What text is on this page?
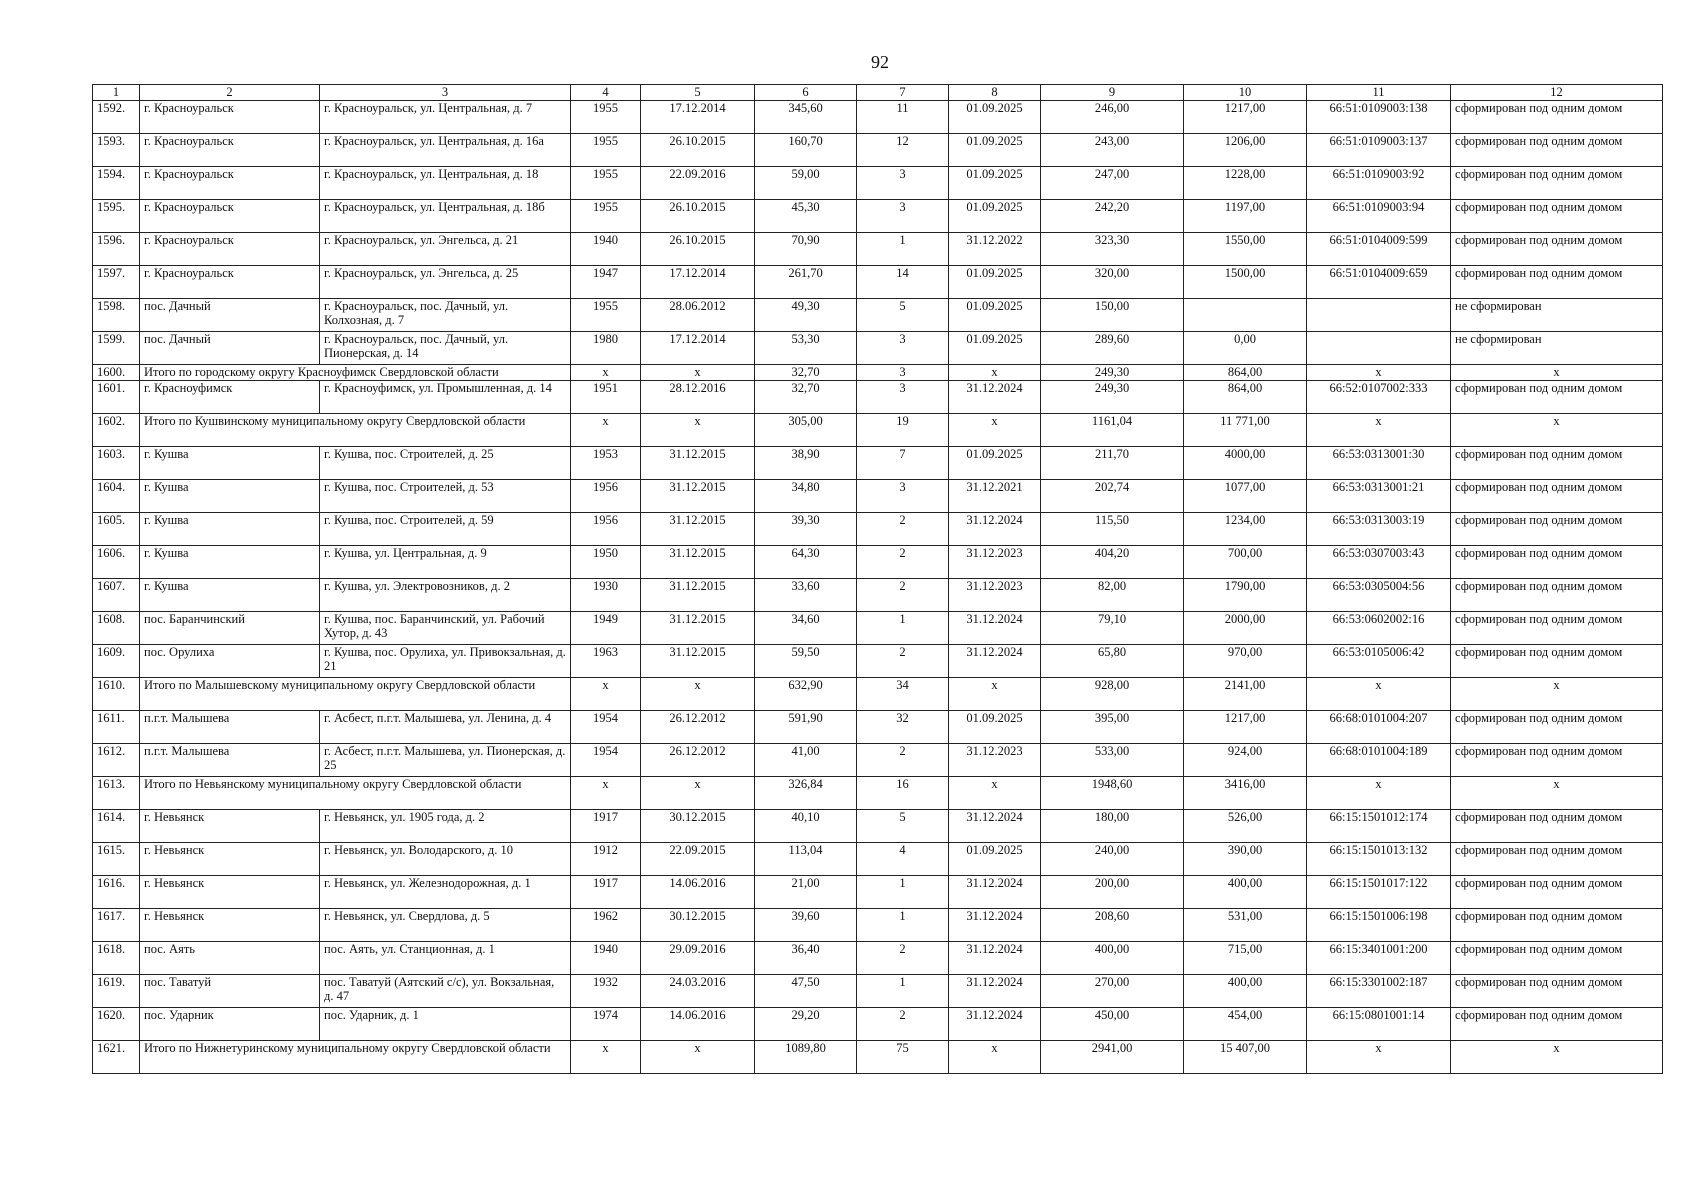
92
1	2	3	4	5	6	7	8	9	10	11	12
1592.	г. Красноуральск	г. Красноуральск, ул. Центральная, д. 7	1955	17.12.2014	345,60	11	01.09.2025	246,00	1217,00	66:51:0109003:138	сформирован под одним домом
1593.	г. Красноуральск	г. Красноуральск, ул. Центральная, д. 16а	1955	26.10.2015	160,70	12	01.09.2025	243,00	1206,00	66:51:0109003:137	сформирован под одним домом
1594.	г. Красноуральск	г. Красноуральск, ул. Центральная, д. 18	1955	22.09.2016	59,00	3	01.09.2025	247,00	1228,00	66:51:0109003:92	сформирован под одним домом
1595.	г. Красноуральск	г. Красноуральск, ул. Центральная, д. 18б	1955	26.10.2015	45,30	3	01.09.2025	242,20	1197,00	66:51:0109003:94	сформирован под одним домом
1596.	г. Красноуральск	г. Красноуральск, ул. Энгельса, д. 21	1940	26.10.2015	70,90	1	31.12.2022	323,30	1550,00	66:51:0104009:599	сформирован под одним домом
1597.	г. Красноуральск	г. Красноуральск, ул. Энгельса, д. 25	1947	17.12.2014	261,70	14	01.09.2025	320,00	1500,00	66:51:0104009:659	сформирован под одним домом
1598.	пос. Дачный	г. Красноуральск, пос. Дачный, ул. Колхозная, д. 7	1955	28.06.2012	49,30	5	01.09.2025	150,00			не сформирован
1599.	пос. Дачный	г. Красноуральск, пос. Дачный, ул. Пионерская, д. 14	1980	17.12.2014	53,30	3	01.09.2025	289,60	0,00		не сформирован
1600.	Итого по городскому округу Красноуфимск Свердловской области		x	x	32,70	3	x	249,30	864,00	x	x
1601.	г. Красноуфимск	г. Красноуфимск, ул. Промышленная, д. 14	1951	28.12.2016	32,70	3	31.12.2024	249,30	864,00	66:52:0107002:333	сформирован под одним домом
1602.	Итого по Кушвинскому муниципальному округу Свердловской области		x	x	305,00	19	x	1161,04	11 771,00	x	x
1603.	г. Кушва	г. Кушва, пос. Строителей, д. 25	1953	31.12.2015	38,90	7	01.09.2025	211,70	4000,00	66:53:0313001:30	сформирован под одним домом
1604.	г. Кушва	г. Кушва, пос. Строителей, д. 53	1956	31.12.2015	34,80	3	31.12.2021	202,74	1077,00	66:53:0313001:21	сформирован под одним домом
1605.	г. Кушва	г. Кушва, пос. Строителей, д. 59	1956	31.12.2015	39,30	2	31.12.2024	115,50	1234,00	66:53:0313003:19	сформирован под одним домом
1606.	г. Кушва	г. Кушва, ул. Центральная, д. 9	1950	31.12.2015	64,30	2	31.12.2023	404,20	700,00	66:53:0307003:43	сформирован под одним домом
1607.	г. Кушва	г. Кушва, ул. Электровозников, д. 2	1930	31.12.2015	33,60	2	31.12.2023	82,00	1790,00	66:53:0305004:56	сформирован под одним домом
1608.	пос. Баранчинский	г. Кушва, пос. Баранчинский, ул. Рабочий Хутор, д. 43	1949	31.12.2015	34,60	1	31.12.2024	79,10	2000,00	66:53:0602002:16	сформирован под одним домом
1609.	пос. Орулиха	г. Кушва, пос. Орулиха, ул. Привокзальная, д. 21	1963	31.12.2015	59,50	2	31.12.2024	65,80	970,00	66:53:0105006:42	сформирован под одним домом
1610.	Итого по Малышевскому муниципальному округу Свердловской области		x	x	632,90	34	x	928,00	2141,00	x	x
1611.	п.г.т. Малышева	г. Асбест, п.г.т. Малышева, ул. Ленина, д. 4	1954	26.12.2012	591,90	32	01.09.2025	395,00	1217,00	66:68:0101004:207	сформирован под одним домом
1612.	п.г.т. Малышева	г. Асбест, п.г.т. Малышева, ул. Пионерская, д. 25	1954	26.12.2012	41,00	2	31.12.2023	533,00	924,00	66:68:0101004:189	сформирован под одним домом
1613.	Итого по Невьянскому муниципальному округу Свердловской области		x	x	326,84	16	x	1948,60	3416,00	x	x
1614.	г. Невьянск	г. Невьянск, ул. 1905 года, д. 2	1917	30.12.2015	40,10	5	31.12.2024	180,00	526,00	66:15:1501012:174	сформирован под одним домом
1615.	г. Невьянск	г. Невьянск, ул. Володарского, д. 10	1912	22.09.2015	113,04	4	01.09.2025	240,00	390,00	66:15:1501013:132	сформирован под одним домом
1616.	г. Невьянск	г. Невьянск, ул. Железнодорожная, д. 1	1917	14.06.2016	21,00	1	31.12.2024	200,00	400,00	66:15:1501017:122	сформирован под одним домом
1617.	г. Невьянск	г. Невьянск, ул. Свердлова, д. 5	1962	30.12.2015	39,60	1	31.12.2024	208,60	531,00	66:15:1501006:198	сформирован под одним домом
1618.	пос. Аять	пос. Аять, ул. Станционная, д. 1	1940	29.09.2016	36,40	2	31.12.2024	400,00	715,00	66:15:3401001:200	сформирован под одним домом
1619.	пос. Таватуй	пос. Таватуй (Аятский с/с), ул. Вокзальная, д. 47	1932	24.03.2016	47,50	1	31.12.2024	270,00	400,00	66:15:3301002:187	сформирован под одним домом
1620.	пос. Ударник	пос. Ударник, д. 1	1974	14.06.2016	29,20	2	31.12.2024	450,00	454,00	66:15:0801001:14	сформирован под одним домом
1621.	Итого по Нижнетуринскому муниципальному округу Свердловской области		x	x	1089,80	75	x	2941,00	15 407,00	x	x
